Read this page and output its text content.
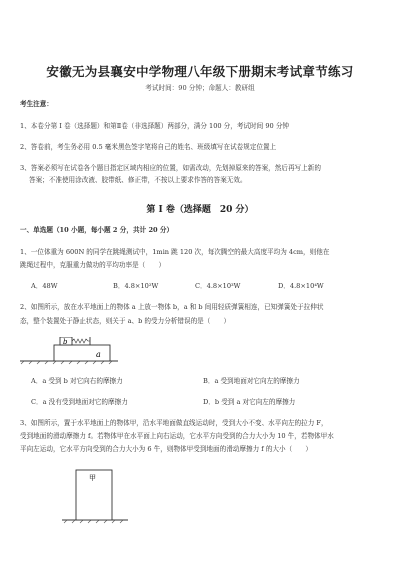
安徽无为县襄安中学物理八年级下册期末考试章节练习
考试时间：90 分钟；命题人：教研组
考生注意：
1、本卷分第 I 卷（选择题）和第Ⅱ卷（非选择题）两部分，满分 100 分，考试时间 90 分钟
2、答卷前，考生务必用 0.5 毫米黑色签字笔将自己的姓名、班级填写在试卷规定位置上
3、答案必须写在试卷各个题目指定区域内相应的位置，如需改动，先划掉原来的答案，然后再写上新的
答案；不准使用涂改液、胶带纸、修正带，不按以上要求作答的答案无效。
第 I 卷（选择题　20 分）
一、单选题（10 小题，每小题 2 分，共计 20 分）
1、一位体重为 600N 的同学在跳绳测试中，1min 跳 120 次，每次腾空的最大高度平均为 4cm，则他在
跳绳过程中，克服重力做功的平均功率是（　　）
A．48W	B．4.8×10²W	C．4.8×10³W	D．4.8×10⁴W
2、如图所示，放在水平地面上的物体 a 上放一物体 b，a 和 b 间用轻质弹簧相连，已知弹簧处于拉伸状
态，整个装置处于静止状态，则关于 a、b 的受力分析错误的是（　　）
a
b
A．a 受到 b 对它向右的摩擦力	B．a 受到地面对它向左的摩擦力
C．a 没有受到地面对它的摩擦力	D．b 受到 a 对它向左的摩擦力
3、如图所示，置于水平地面上的物体甲，沿水平地面做直线运动时，受到大小不变、水平向左的拉力 F，
受到地面的滑动摩擦力 f。若物体甲在水平面上向右运动，它水平方向受到的合力大小为 10 牛，若物体甲水
平向左运动，它水平方向受到的合力大小为 6 牛，则物体甲受到地面的滑动摩擦力 f 的大小（　　）
甲
